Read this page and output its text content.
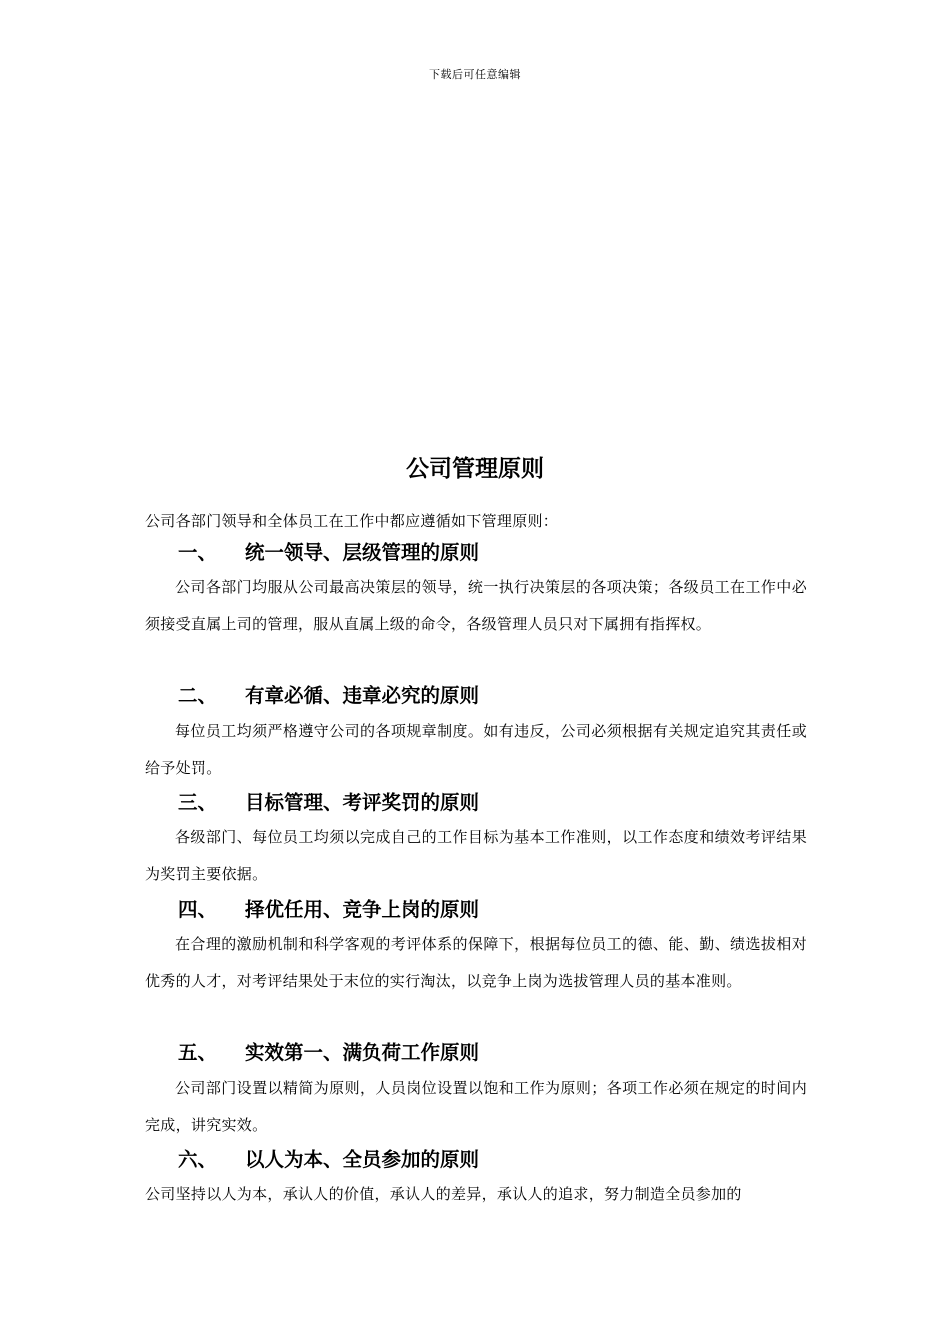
下载后可任意编辑
公司管理原则
公司各部门领导和全体员工在工作中都应遵循如下管理原则：
一、 统一领导、层级管理的原则
公司各部门均服从公司最高决策层的领导，统一执行决策层的各项决策；各级员工在工作中必须接受直属上司的管理，服从直属上级的命令，各级管理人员只对下属拥有指挥权。
二、 有章必循、违章必究的原则
每位员工均须严格遵守公司的各项规章制度。如有违反，公司必须根据有关规定追究其责任或给予处罚。
三、 目标管理、考评奖罚的原则
各级部门、每位员工均须以完成自己的工作目标为基本工作准则，以工作态度和绩效考评结果为奖罚主要依据。
四、 择优任用、竞争上岗的原则
在合理的激励机制和科学客观的考评体系的保障下，根据每位员工的德、能、勤、绩选拔相对优秀的人才，对考评结果处于末位的实行淘汰，以竞争上岗为选拔管理人员的基本准则。
五、 实效第一、满负荷工作原则
公司部门设置以精简为原则，人员岗位设置以饱和工作为原则；各项工作必须在规定的时间内完成，讲究实效。
六、 以人为本、全员参加的原则
公司坚持以人为本，承认人的价值，承认人的差异，承认人的追求，努力制造全员参加的
